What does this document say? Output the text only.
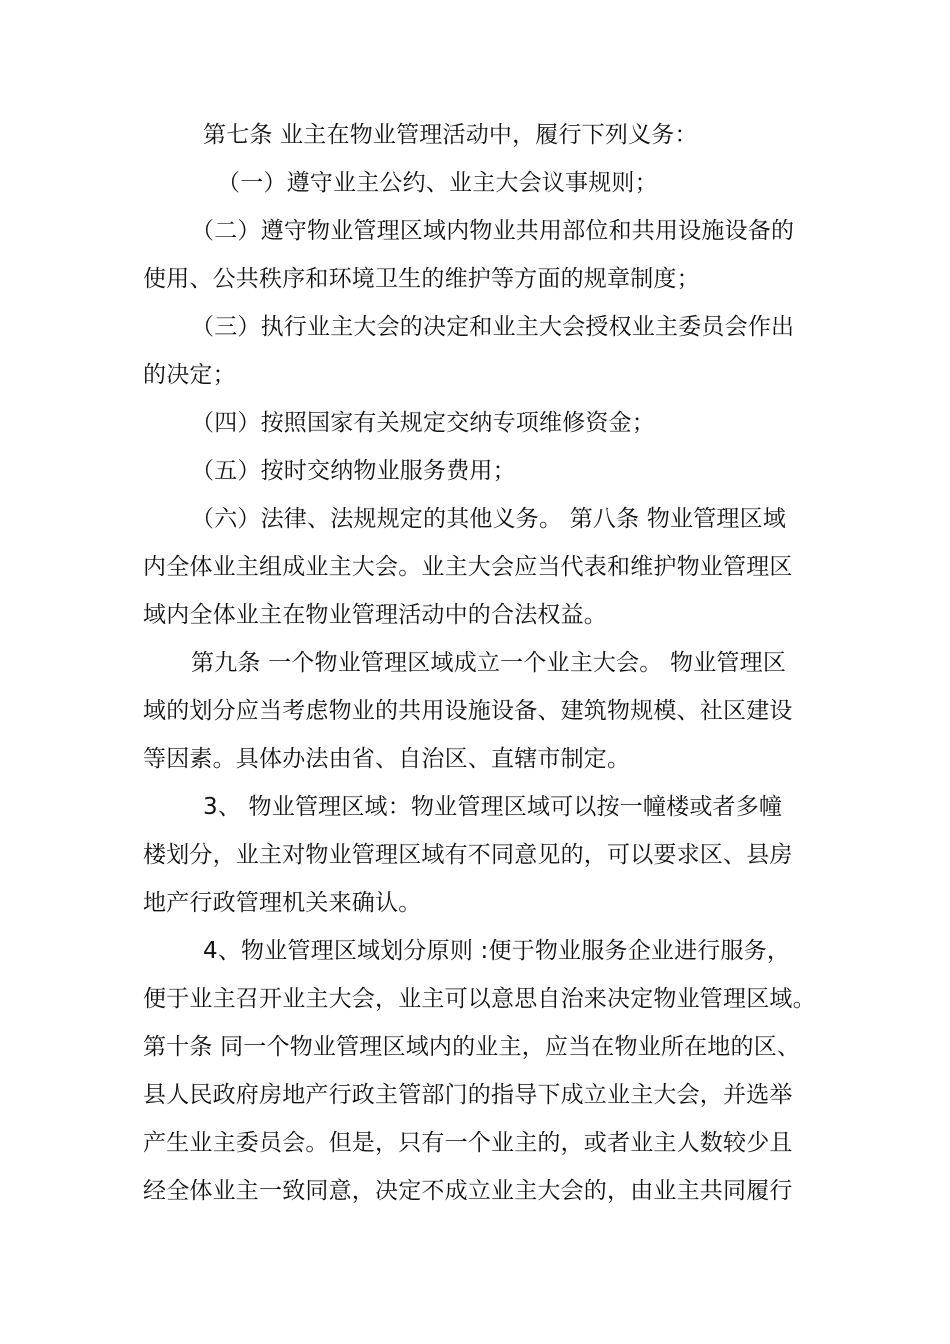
第七条 业主在物业管理活动中，履行下列义务：
（一）遵守业主公约、业主大会议事规则；
（二）遵守物业管理区域内物业共用部位和共用设施设备的
使用、公共秩序和环境卫生的维护等方面的规章制度；
（三）执行业主大会的决定和业主大会授权业主委员会作出
的决定；
（四）按照国家有关规定交纳专项维修资金；
（五）按时交纳物业服务费用；
（六）法律、法规规定的其他义务。 第八条 物业管理区域
内全体业主组成业主大会。业主大会应当代表和维护物业管理区
域内全体业主在物业管理活动中的合法权益。
第九条 一个物业管理区域成立一个业主大会。 物业管理区
域的划分应当考虑物业的共用设施设备、建筑物规模、社区建设
等因素。具体办法由省、自治区、直辖市制定。
3、 物业管理区域：物业管理区域可以按一幢楼或者多幢
楼划分，业主对物业管理区域有不同意见的，可以要求区、县房
地产行政管理机关来确认。
4、物业管理区域划分原则 :便于物业服务企业进行服务，
便于业主召开业主大会，业主可以意思自治来决定物业管理区域。
第十条 同一个物业管理区域内的业主，应当在物业所在地的区、
县人民政府房地产行政主管部门的指导下成立业主大会，并选举
产生业主委员会。但是，只有一个业主的，或者业主人数较少且
经全体业主一致同意，决定不成立业主大会的，由业主共同履行
